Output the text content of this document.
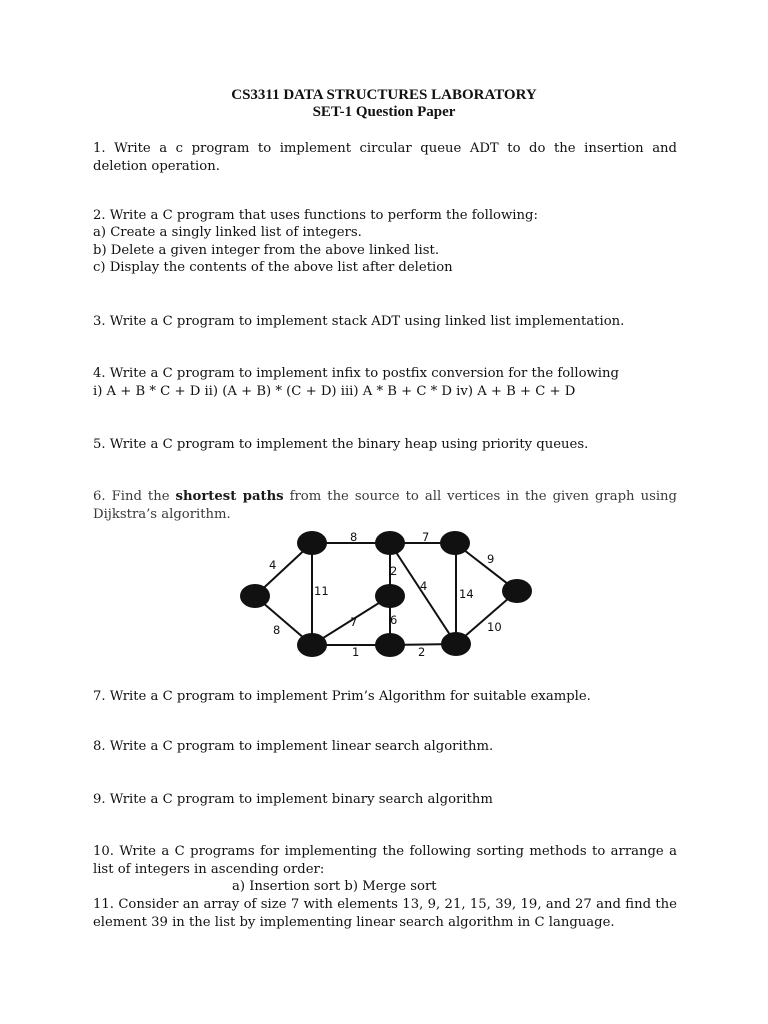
CS3311 DATA STRUCTURES LABORATORY
SET-1 Question Paper
1. Write a c program to implement circular queue ADT to do the insertion and
deletion operation.
2. Write a C program that uses functions to perform the following:
a) Create a singly linked list of integers.
b) Delete a given integer from the above linked list.
c) Display the contents of the above list after deletion
3. Write a C program to implement stack ADT using linked list implementation.
4. Write a C program to implement infix to postfix conversion for the following
i) A + B * C + D ii) (A + B) * (C + D) iii) A * B + C * D iv) A + B + C + D
5. Write a C program to implement the binary heap using priority queues.
6. Find the shortest paths from the source to all vertices in the given graph using
Dijkstra’s algorithm.
4
8
8	7
9
10
11
2
4
14
7	6
1	2
7. Write a C program to implement Prim’s Algorithm for suitable example.
8. Write a C program to implement linear search algorithm.
9. Write a C program to implement binary search algorithm
10. Write a C programs for implementing the following sorting methods to arrange a
list of integers in ascending order:
a) Insertion sort b) Merge sort
11. Consider an array of size 7 with elements 13, 9, 21, 15, 39, 19, and 27 and find the
element 39 in the list by implementing linear search algorithm in C language.
